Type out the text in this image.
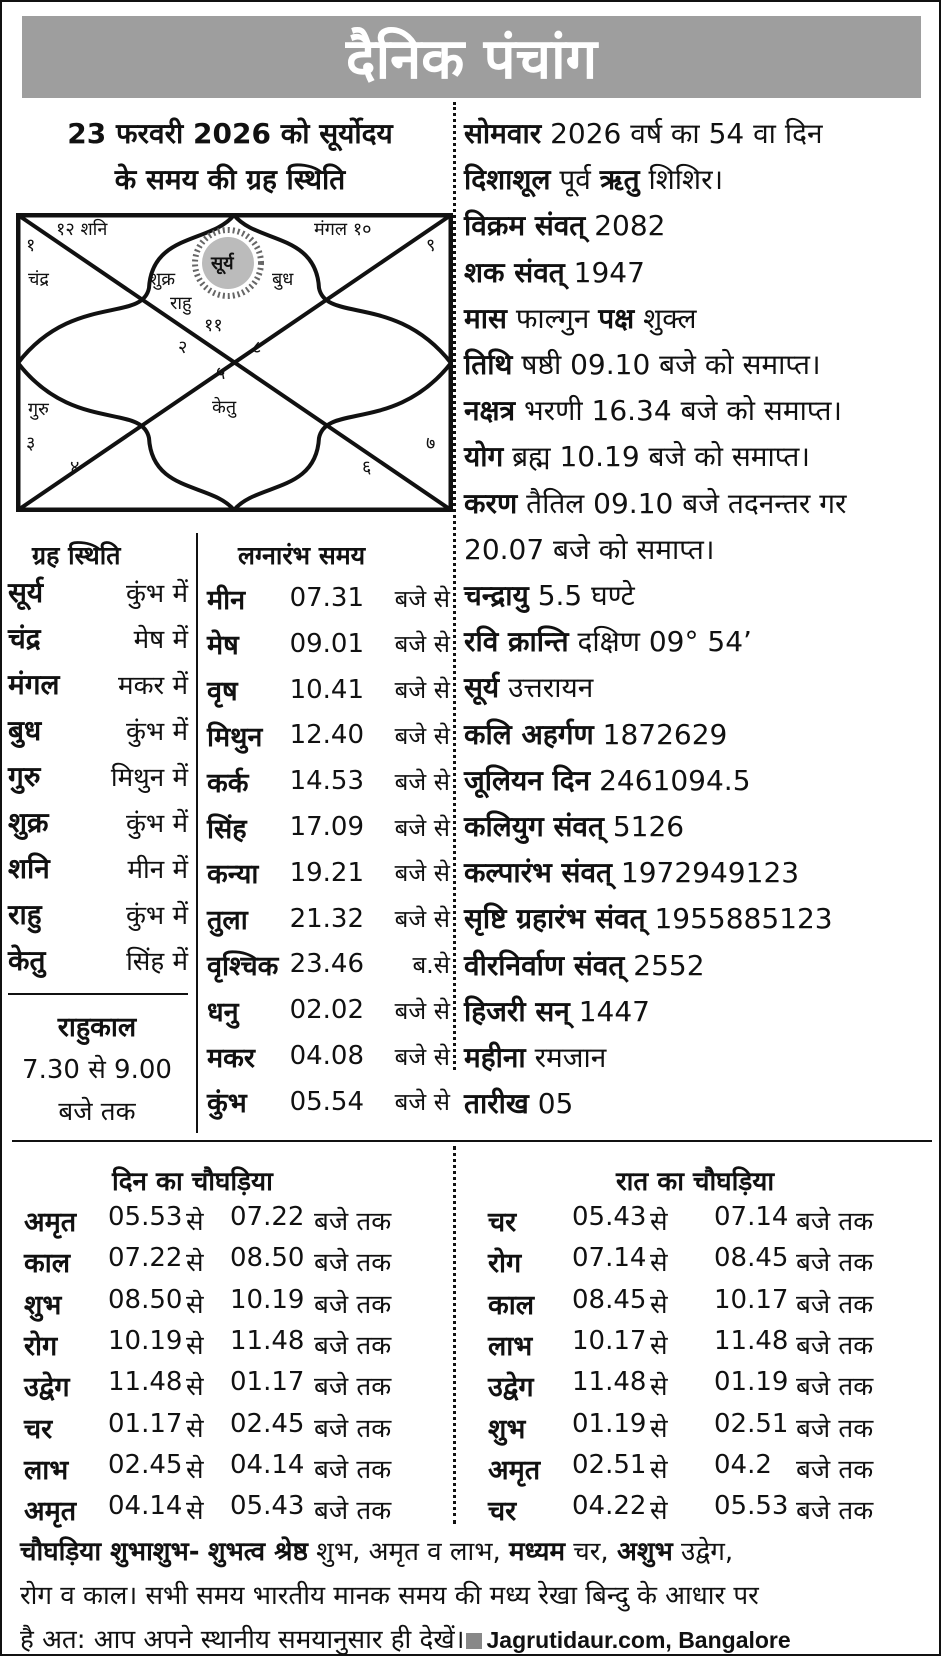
दैनिक पंचांग
23 फरवरी 2026 को सूर्योदय
के समय की ग्रह स्थिति
१२ शनि	मंगल १०
१	९
चंद्र	शुक्र
सूर्य
बुध
राहु
११
२	८
५
केतु
गुरु
३	७
४	६
ग्रह स्थिति	लग्नारंभ समय
राहुकाल
7.30 से 9.00
बजे तक
दिन का चौघड़िया	रात का चौघड़िया
चौघड़िया शुभाशुभ- शुभत्व श्रेष्ठ शुभ, अमृत व लाभ, मध्यम चर, अशुभ उद्वेग,
रोग व काल। सभी समय भारतीय मानक समय की मध्य रेखा बिन्दु के आधार पर
है अत: आप अपने स्थानीय समयानुसार ही देखें। Jagrutidaur.com, Bangalore
सूर्य	कुंभ में
चंद्र	मेष में
मंगल	मकर में
बुध	कुंभ में
गुरु	मिथुन में
शुक्र	कुंभ में
शनि	मीन में
राहु	कुंभ में
केतु	सिंह में
मीन 07.31	बजे से
मेष 09.01	बजे से
वृष 10.41	बजे से
मिथुन 12.40	बजे से
कर्क 14.53	बजे से
सिंह 17.09	बजे से
कन्या 19.21	बजे से
तुला 21.32	बजे से
वृश्चिक 23.46	ब.से
धनु 02.02	बजे से
मकर 04.08	बजे से
कुंभ 05.54	बजे से
सोमवार 2026 वर्ष का 54 वा दिन
दिशाशूल पूर्व ऋतु शिशिर।
विक्रम संवत् 2082
शक संवत् 1947
मास फाल्गुन पक्ष शुक्ल
तिथि षष्ठी 09.10 बजे को समाप्त।
नक्षत्र भरणी 16.34 बजे को समाप्त।
योग ब्रह्म 10.19 बजे को समाप्त।
करण तैतिल 09.10 बजे तदनन्तर गर
20.07 बजे को समाप्त।
चन्द्रायु 5.5 घण्टे
रवि क्रान्ति दक्षिण 09° 54’
सूर्य उत्तरायन
कलि अहर्गण 1872629
जूलियन दिन 2461094.5
कलियुग संवत् 5126
कल्पारंभ संवत् 1972949123
सृष्टि ग्रहारंभ संवत् 1955885123
वीरनिर्वाण संवत् 2552
हिजरी सन् 1447
महीना रमजान
तारीख 05
अमृत 05.53 से 07.22 बजे तक
काल 07.22 से 08.50 बजे तक
शुभ 08.50 से 10.19 बजे तक
रोग 10.19 से 11.48 बजे तक
उद्वेग 11.48 से 01.17 बजे तक
चर 01.17 से 02.45 बजे तक
लाभ 02.45 से 04.14 बजे तक
अमृत 04.14 से 05.43 बजे तक
चर 05.43 से 07.14 बजे तक
रोग 07.14 से 08.45 बजे तक
काल 08.45 से 10.17 बजे तक
लाभ 10.17 से 11.48 बजे तक
उद्वेग 11.48 से 01.19 बजे तक
शुभ 01.19 से 02.51 बजे तक
अमृत 02.51 से 04.2 बजे तक
चर 04.22 से 05.53 बजे तक
